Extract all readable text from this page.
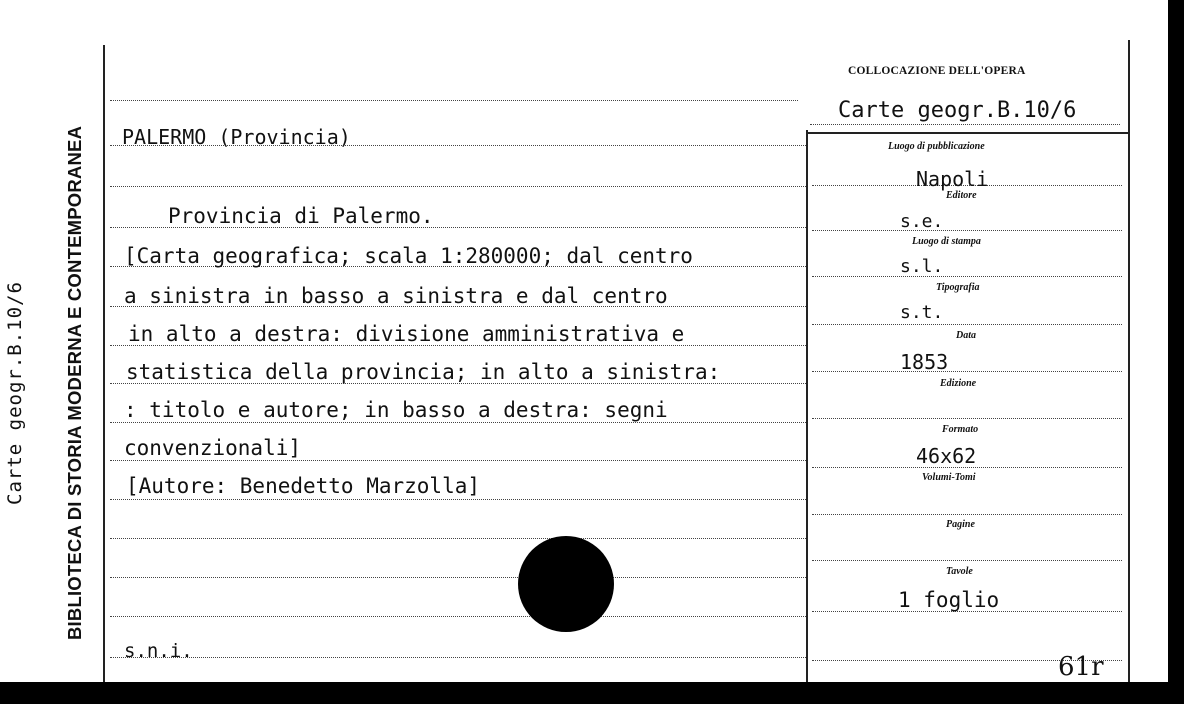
Carte geogr.B.10/6 BIBLIOTECA DI STORIA MODERNA E CONTEMPORANEA
COLLOCAZIONE DELL'OPERA
Carte geogr.B.10/6
PALERMO (Provincia)
Provincia di Palermo.
[Carta geografica; scala 1:280000; dal centro
a sinistra in basso a sinistra e dal centro
in alto a destra: divisione amministrativa e
statistica della provincia; in alto a sinistra:
: titolo e autore; in basso a destra: segni
convenzionali]
[Autore: Benedetto Marzolla]
s.n.i.
Luogo di pubblicazione
Editore
Luogo di stampa
Tipografia
Data
Edizione
Formato
Volumi-Tomi
Pagine
Tavole
Napoli
s.e.
s.l.
s.t.
1853
46x62
1 foglio
61r
